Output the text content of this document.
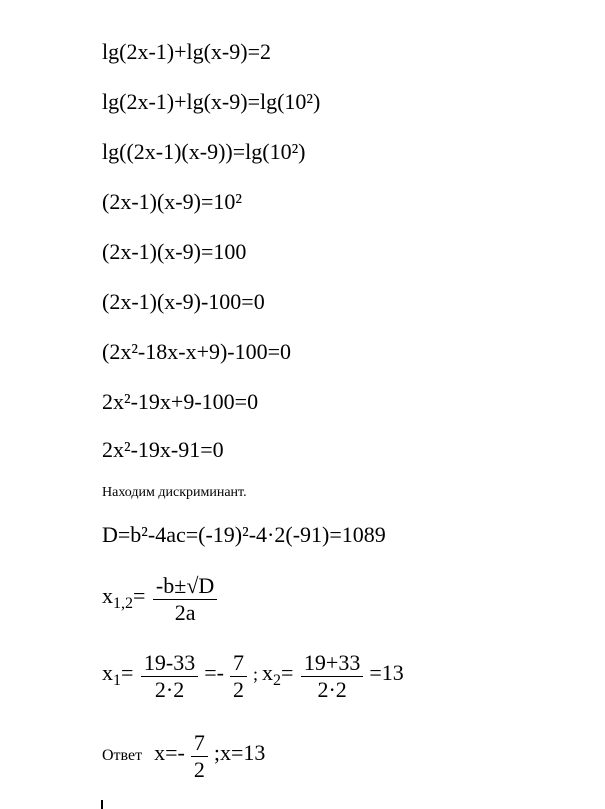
lg(2x-1)+lg(x-9)=2
lg(2x-1)+lg(x-9)=lg(10²)
lg((2x-1)(x-9))=lg(10²)
(2x-1)(x-9)=10²
(2x-1)(x-9)=100
(2x-1)(x-9)-100=0
(2x²-18x-x+9)-100=0
2x²-19x+9-100=0
2x²-19x-91=0
Находим дискриминант.
D=b²-4ac=(-19)²-4·2(-91)=1089
$x_{1,2}= \frac{-b\pm√D}{2a}$
$x_1= \frac{19-33}{2\cdot 2} =- \frac{7}{2}$ ; $x_2= \frac{19+33}{2\cdot 2} =13$
Ответ $x=- \frac{7}{2}$ ;x=13
